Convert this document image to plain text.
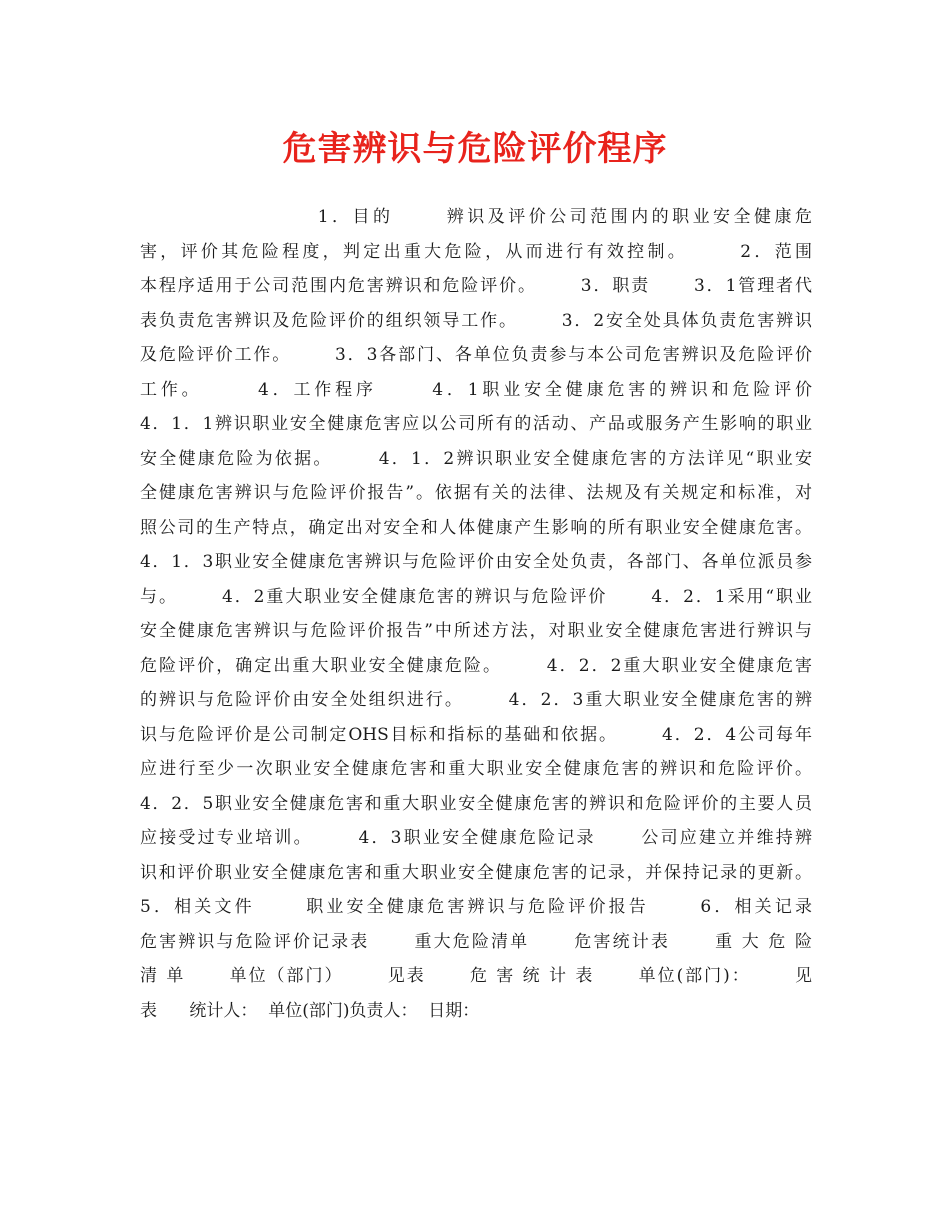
危害辨识与危险评价程序
1．目的      辨识及评价公司范围内的职业安全健康危
害，评价其危险程度，判定出重大危险，从而进行有效控制。      2．范围
本程序适用于公司范围内危害辨识和危险评价。      3．职责      3．1管理者代
表负责危害辨识及危险评价的组织领导工作。      3．2安全处具体负责危害辨识
及危险评价工作。      3．3各部门、各单位负责参与本公司危害辨识及危险评价
工作。      4．工作程序      4．1职业安全健康危害的辨识和危险评价
4．1．1辨识职业安全健康危害应以公司所有的活动、产品或服务产生影响的职业
安全健康危险为依据。      4．1．2辨识职业安全健康危害的方法详见“职业安
全健康危害辨识与危险评价报告”。依据有关的法律、法规及有关规定和标准，对
照公司的生产特点，确定出对安全和人体健康产生影响的所有职业安全健康危害。
4．1．3职业安全健康危害辨识与危险评价由安全处负责，各部门、各单位派员参
与。      4．2重大职业安全健康危害的辨识与危险评价      4．2．1采用“职业
安全健康危害辨识与危险评价报告”中所述方法，对职业安全健康危害进行辨识与
危险评价，确定出重大职业安全健康危险。      4．2．2重大职业安全健康危害
的辨识与危险评价由安全处组织进行。      4．2．3重大职业安全健康危害的辨
识与危险评价是公司制定OHS目标和指标的基础和依据。      4．2．4公司每年
应进行至少一次职业安全健康危害和重大职业安全健康危害的辨识和危险评价。
4．2．5职业安全健康危害和重大职业安全健康危害的辨识和危险评价的主要人员
应接受过专业培训。      4．3职业安全健康危险记录      公司应建立并维持辨
识和评价职业安全健康危害和重大职业安全健康危害的记录，并保持记录的更新。
5．相关文件      职业安全健康危害辨识与危险评价报告      6．相关记录
危害辨识与危险评价记录表      重大危险清单      危害统计表      重 大 危 险
清 单      单位（部门）      见表      危 害 统 计 表      单位(部门)：      见
表      统计人：  单位(部门)负责人：  日期：
